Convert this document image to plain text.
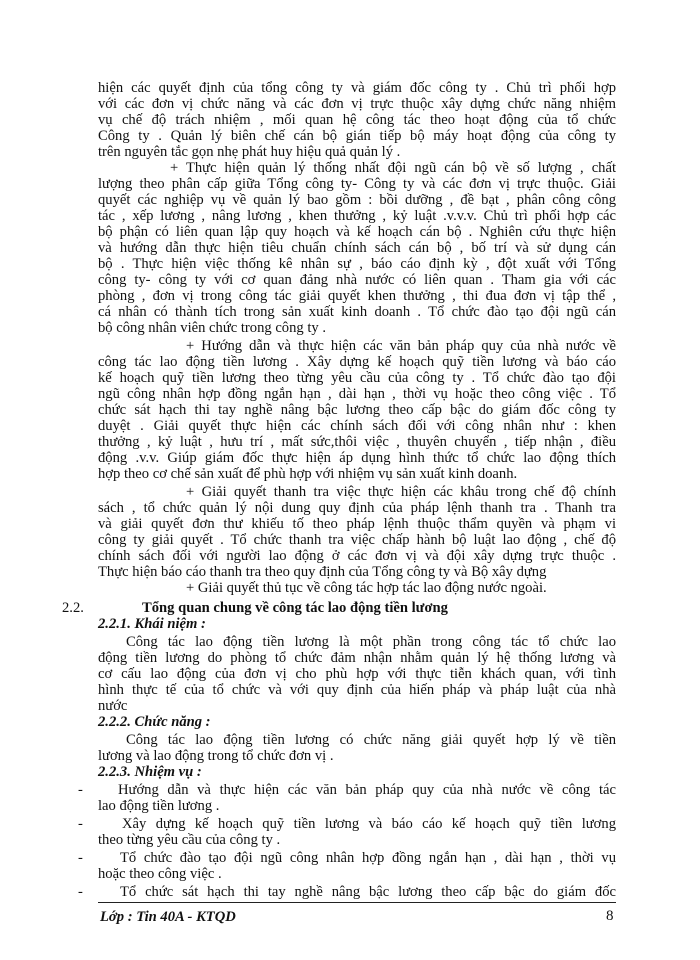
hiện các quyết định của tổng công ty và giám đốc công ty . Chủ trì phối hợp
với các đơn vị chức năng và các đơn vị trực thuộc xây dựng chức năng nhiệm
vụ chế độ trách nhiệm , mối quan hệ công tác theo hoạt động của tổ chức
Công ty . Quản lý biên chế cán bộ gián tiếp bộ máy hoạt động của công ty
trên nguyên tắc gọn nhẹ phát huy hiệu quả quản lý .
+ Thực hiện quản lý thống nhất đội ngũ cán bộ về số lượng , chất
lượng theo phân cấp giữa Tổng công ty- Công ty và các đơn vị trực thuộc. Giải
quyết các nghiệp vụ về quản lý bao gồm : bồi dưỡng , đề bạt , phân công công
tác , xếp lương , nâng lương , khen thưởng , kỷ luật .v.v.v. Chủ trì phối hợp các
bộ phận có liên quan lập quy hoạch và kế hoạch cán bộ . Nghiên cứu thực hiện
và hướng dẫn thực hiện tiêu chuẩn chính sách cán bộ , bố trí và sử dụng cán
bộ . Thực hiện việc thống kê nhân sự , báo cáo định kỳ , đột xuất với Tổng
công ty- công ty với cơ quan đảng nhà nước có liên quan . Tham gia với các
phòng , đơn vị trong công tác giải quyết khen thưởng , thi đua đơn vị tập thể ,
cá nhân có thành tích trong sản xuất kinh doanh . Tổ chức đào tạo đội ngũ cán
bộ công nhân viên chức trong công ty .
+ Hướng dẫn và thực hiện các văn bản pháp quy của nhà nước về
công tác lao động tiền lương . Xây dựng kế hoạch quỹ tiền lương và báo cáo
kế hoạch quỹ tiền lương theo từng yêu cầu của công ty . Tổ chức đào tạo đội
ngũ công nhân hợp đồng ngắn hạn , dài hạn , thời vụ hoặc theo công việc . Tổ
chức sát hạch thi tay nghề nâng bậc lương theo cấp bậc do giám đốc công ty
duyệt . Giải quyết thực hiện các chính sách đối với công nhân như : khen
thưởng , kỷ luật , hưu trí , mất sức,thôi việc , thuyên chuyển , tiếp nhận , điều
động .v.v. Giúp giám đốc thực hiện áp dụng hình thức tổ chức lao động thích
hợp theo cơ chế sản xuất để phù hợp với nhiệm vụ sản xuất kinh doanh.
+ Giải quyết thanh tra việc thực hiện các khâu trong chế độ chính
sách , tổ chức quản lý nội dung quy định của pháp lệnh thanh tra . Thanh tra
và giải quyết đơn thư khiếu tố theo pháp lệnh thuộc thẩm quyền và phạm vi
công ty giải quyết . Tổ chức thanh tra việc chấp hành bộ luật lao động , chế độ
chính sách đối với người lao động ở các đơn vị và đội xây dựng trực thuộc .
Thực hiện báo cáo thanh tra theo quy định của Tổng công ty và Bộ xây dựng
+ Giải quyết thủ tục về công tác hợp tác lao động nước ngoài.
2.2.	Tổng quan chung về công tác lao động tiền lương
2.2.1. Khái niệm :
Công tác lao động tiền lương là một phần trong công tác tổ chức lao
động tiền lương do phòng tổ chức đảm nhận nhằm quản lý hệ thống lương và
cơ cấu lao động của đơn vị cho phù hợp với thực tiễn khách quan, với tình
hình thực tế của tổ chức và với quy định của hiến pháp và pháp luật của nhà
nước
2.2.2. Chức năng :
Công tác lao động tiền lương có chức năng giải quyết hợp lý về tiền
lương và lao động trong tổ chức đơn vị .
2.2.3. Nhiệm vụ :
- Hướng dẫn và thực hiện các văn bản pháp quy của nhà nước về công tác
lao động tiền lương .
-	Xây dựng kế hoạch quỹ tiền lương và báo cáo kế hoạch quỹ tiền lương
theo từng yêu cầu của công ty .
-	Tổ chức đào tạo đội ngũ công nhân hợp đồng ngắn hạn , dài hạn , thời vụ
hoặc theo công việc .
-	Tổ chức sát hạch thi tay nghề nâng bậc lương theo cấp bậc do giám đốc
Lớp : Tin 40A - KTQD	8
